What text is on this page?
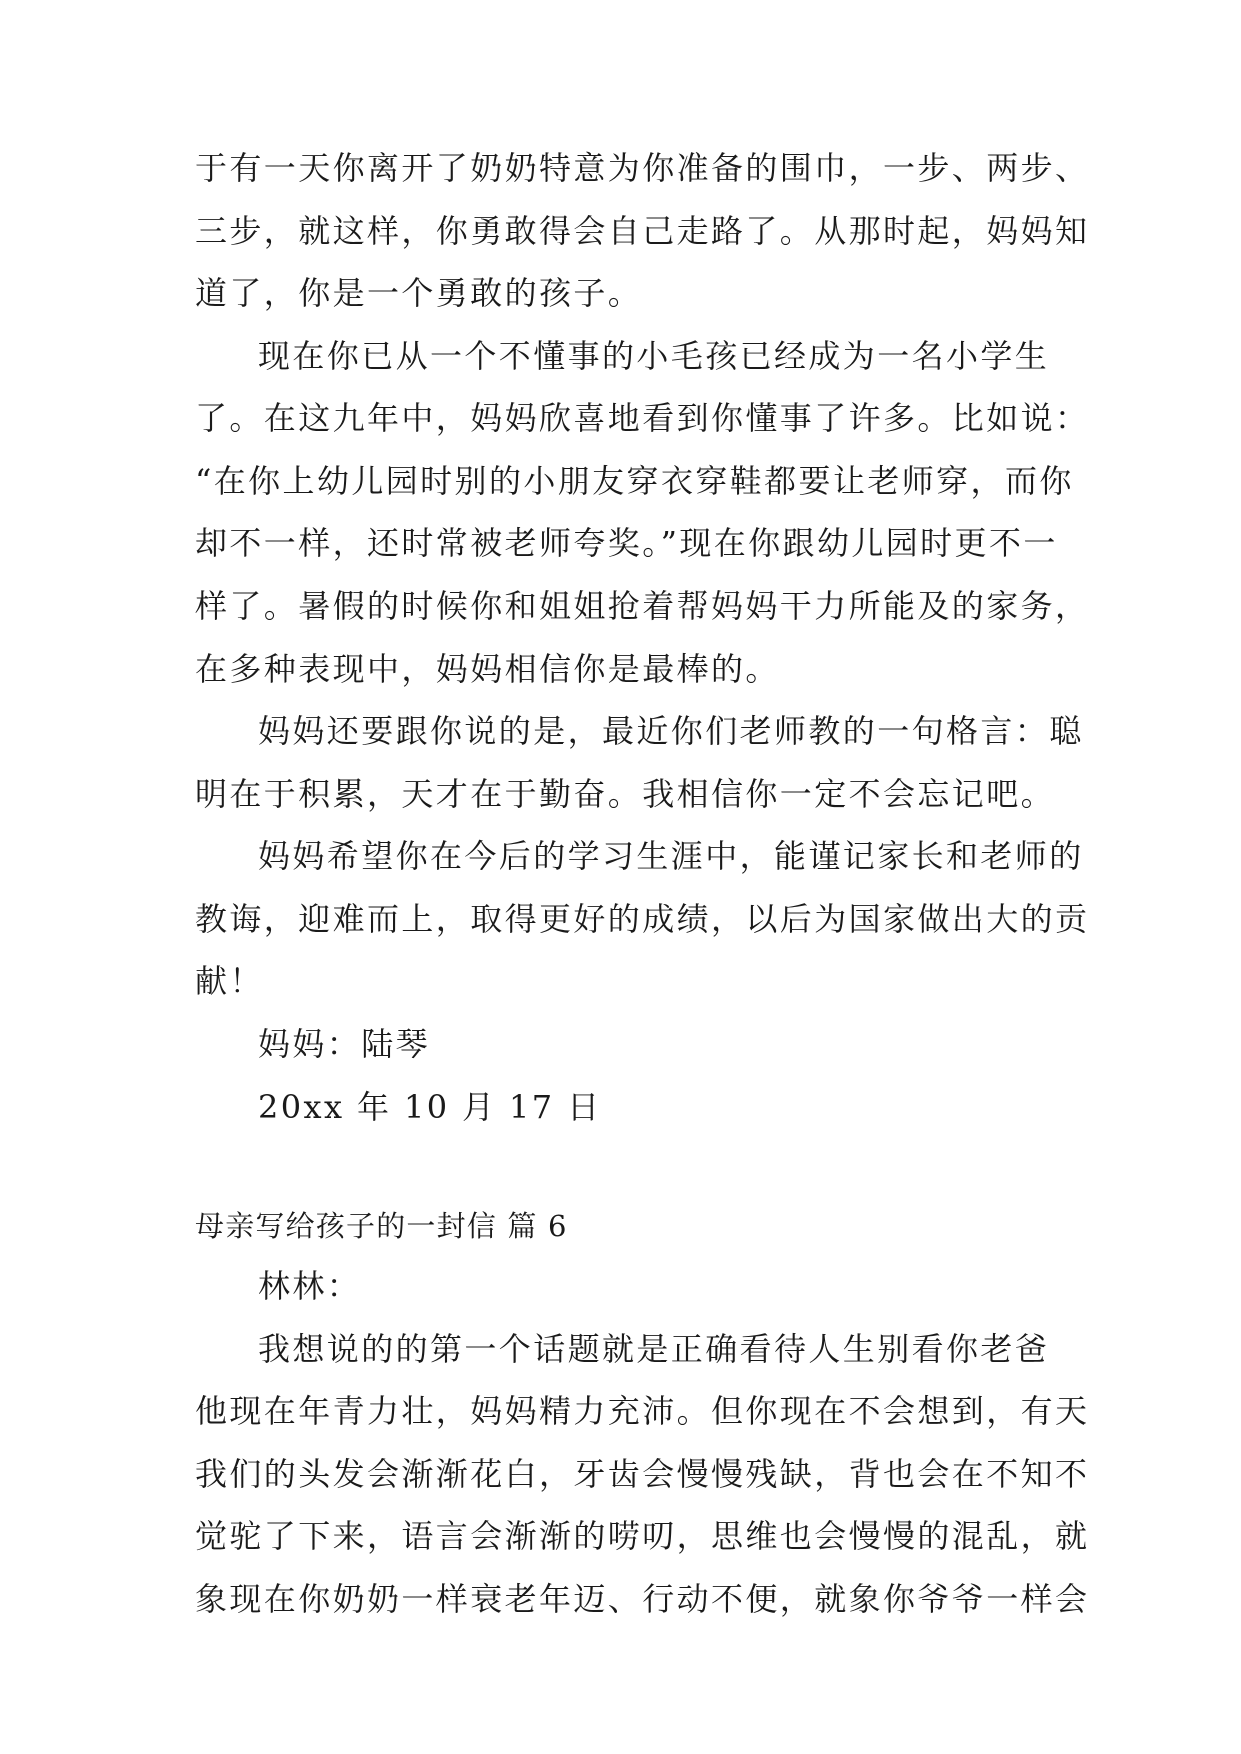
于有一天你离开了奶奶特意为你准备的围巾，一步、两步、
三步，就这样，你勇敢得会自己走路了。从那时起，妈妈知
道了，你是一个勇敢的孩子。
现在你已从一个不懂事的小毛孩已经成为一名小学生
了。在这九年中，妈妈欣喜地看到你懂事了许多。比如说：
“在你上幼儿园时别的小朋友穿衣穿鞋都要让老师穿，而你
却不一样，还时常被老师夸奖。”现在你跟幼儿园时更不一
样了。暑假的时候你和姐姐抢着帮妈妈干力所能及的家务，
在多种表现中，妈妈相信你是最棒的。
妈妈还要跟你说的是，最近你们老师教的一句格言：聪
明在于积累，天才在于勤奋。我相信你一定不会忘记吧。
妈妈希望你在今后的学习生涯中，能谨记家长和老师的
教诲，迎难而上，取得更好的成绩，以后为国家做出大的贡
献！
妈妈：陆琴
20xx 年 10 月 17 日
母亲写给孩子的一封信 篇 6
林林：
我想说的的第一个话题就是正确看待人生别看你老爸
他现在年青力壮，妈妈精力充沛。但你现在不会想到，有天
我们的头发会渐渐花白，牙齿会慢慢残缺，背也会在不知不
觉驼了下来，语言会渐渐的唠叨，思维也会慢慢的混乱，就
象现在你奶奶一样衰老年迈、行动不便，就象你爷爷一样会
